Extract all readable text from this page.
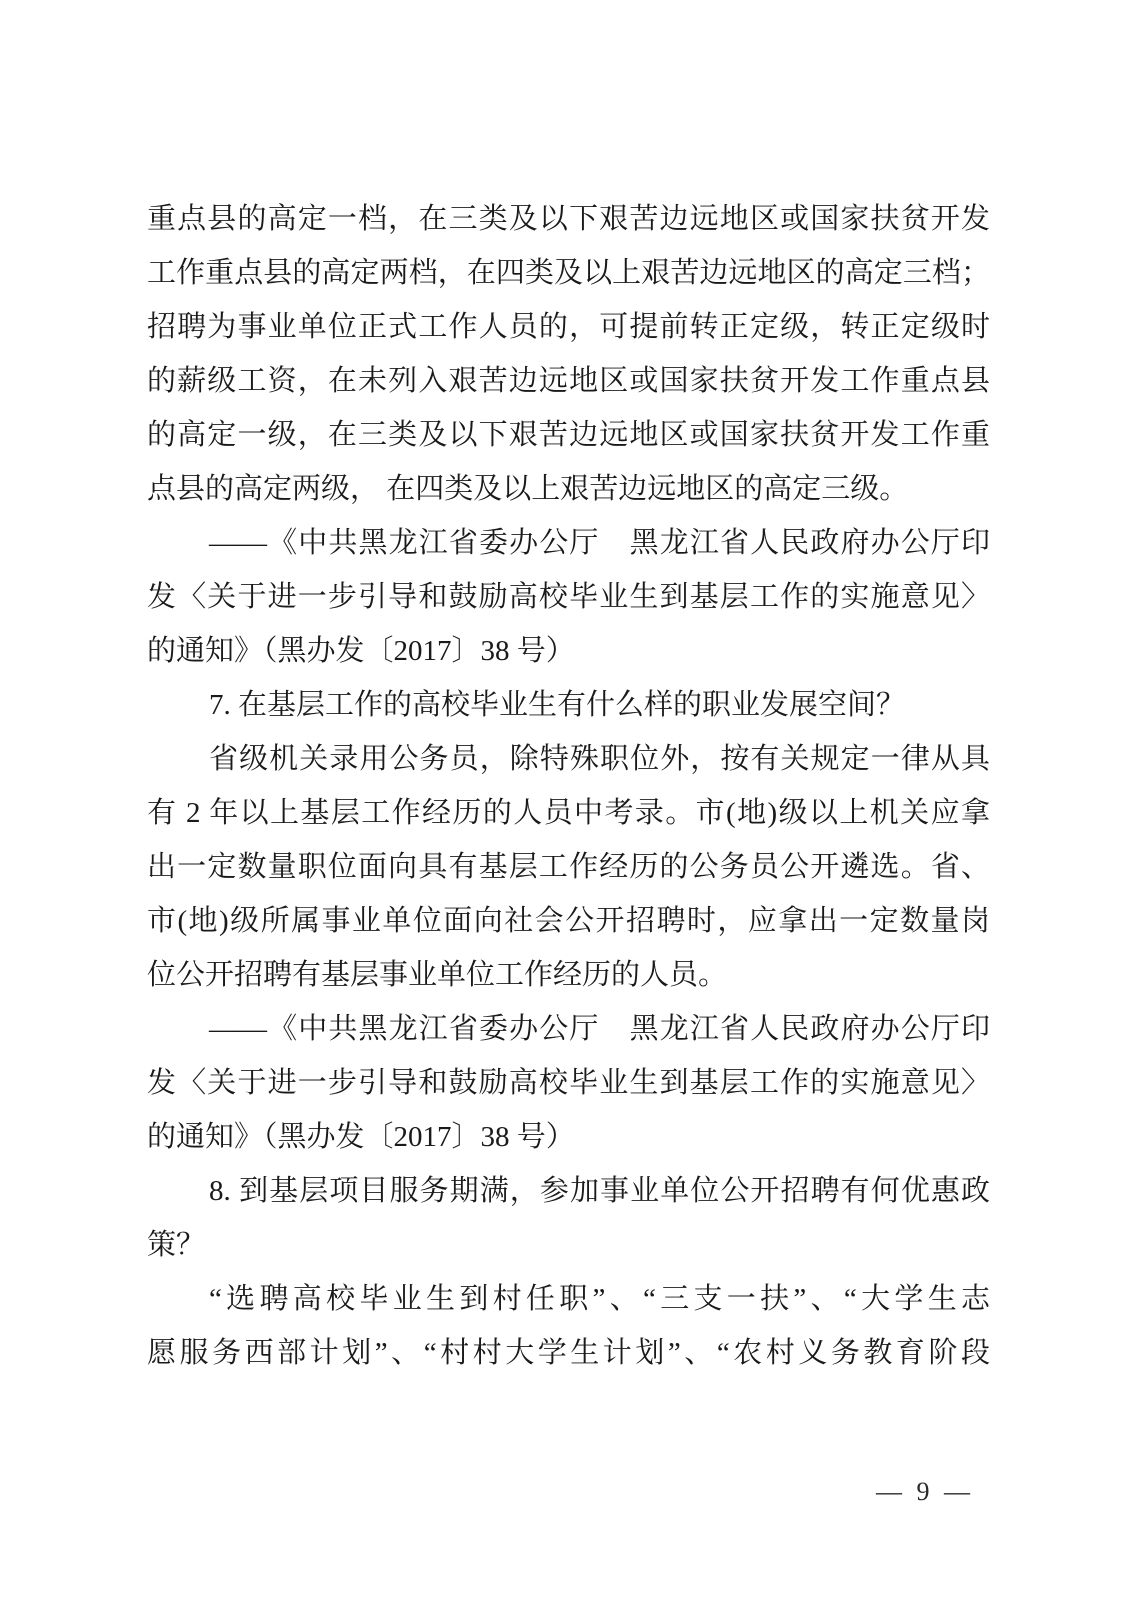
重点县的高定一档，在三类及以下艰苦边远地区或国家扶贫开发
工作重点县的高定两档，在四类及以上艰苦边远地区的高定三档；
招聘为事业单位正式工作人员的，可提前转正定级，转正定级时
的薪级工资，在未列入艰苦边远地区或国家扶贫开发工作重点县
的高定一级，在三类及以下艰苦边远地区或国家扶贫开发工作重
点县的高定两级， 在四类及以上艰苦边远地区的高定三级。
——《中共黑龙江省委办公厅　黑龙江省人民政府办公厅印
发〈关于进一步引导和鼓励高校毕业生到基层工作的实施意见〉
的通知》（黑办发〔2017〕38 号）
7. 在基层工作的高校毕业生有什么样的职业发展空间？
省级机关录用公务员，除特殊职位外，按有关规定一律从具
有 2 年以上基层工作经历的人员中考录。市(地)级以上机关应拿
出一定数量职位面向具有基层工作经历的公务员公开遴选。省、
市(地)级所属事业单位面向社会公开招聘时，应拿出一定数量岗
位公开招聘有基层事业单位工作经历的人员。
——《中共黑龙江省委办公厅　黑龙江省人民政府办公厅印
发〈关于进一步引导和鼓励高校毕业生到基层工作的实施意见〉
的通知》（黑办发〔2017〕38 号）
8. 到基层项目服务期满，参加事业单位公开招聘有何优惠政
策？
“选聘高校毕业生到村任职”、“三支一扶”、“大学生志
愿服务西部计划”、“村村大学生计划”、“农村义务教育阶段
— 9 —
